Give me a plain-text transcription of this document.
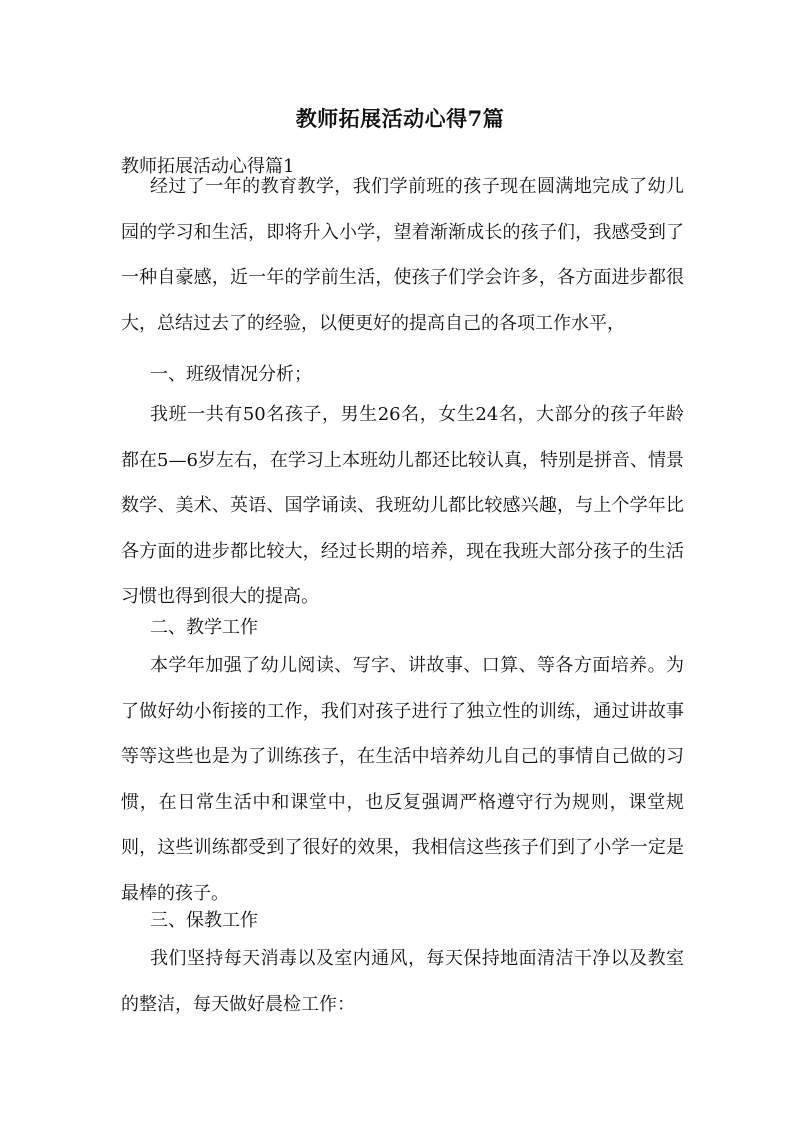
教师拓展活动心得7篇
教师拓展活动心得篇1

经过了一年的教育教学，我们学前班的孩子现在圆满地完成了幼儿园的学习和生活，即将升入小学，望着渐渐成长的孩子们，我感受到了一种自豪感，近一年的学前生活，使孩子们学会许多，各方面进步都很大，总结过去了的经验，以便更好的提高自己的各项工作水平，

一、班级情况分析；

我班一共有50名孩子，男生26名，女生24名，大部分的孩子年龄都在5—6岁左右，在学习上本班幼儿都还比较认真，特别是拼音、情景数学、美术、英语、国学诵读、我班幼儿都比较感兴趣，与上个学年比各方面的进步都比较大，经过长期的培养，现在我班大部分孩子的生活习惯也得到很大的提高。

二、教学工作

本学年加强了幼儿阅读、写字、讲故事、口算、等各方面培养。为了做好幼小衔接的工作，我们对孩子进行了独立性的训练，通过讲故事等等这些也是为了训练孩子，在生活中培养幼儿自己的事情自己做的习惯，在日常生活中和课堂中，也反复强调严格遵守行为规则，课堂规则，这些训练都受到了很好的效果，我相信这些孩子们到了小学一定是最棒的孩子。

三、保教工作

我们坚持每天消毒以及室内通风，每天保持地面清洁干净以及教室的整洁，每天做好晨检工作：
